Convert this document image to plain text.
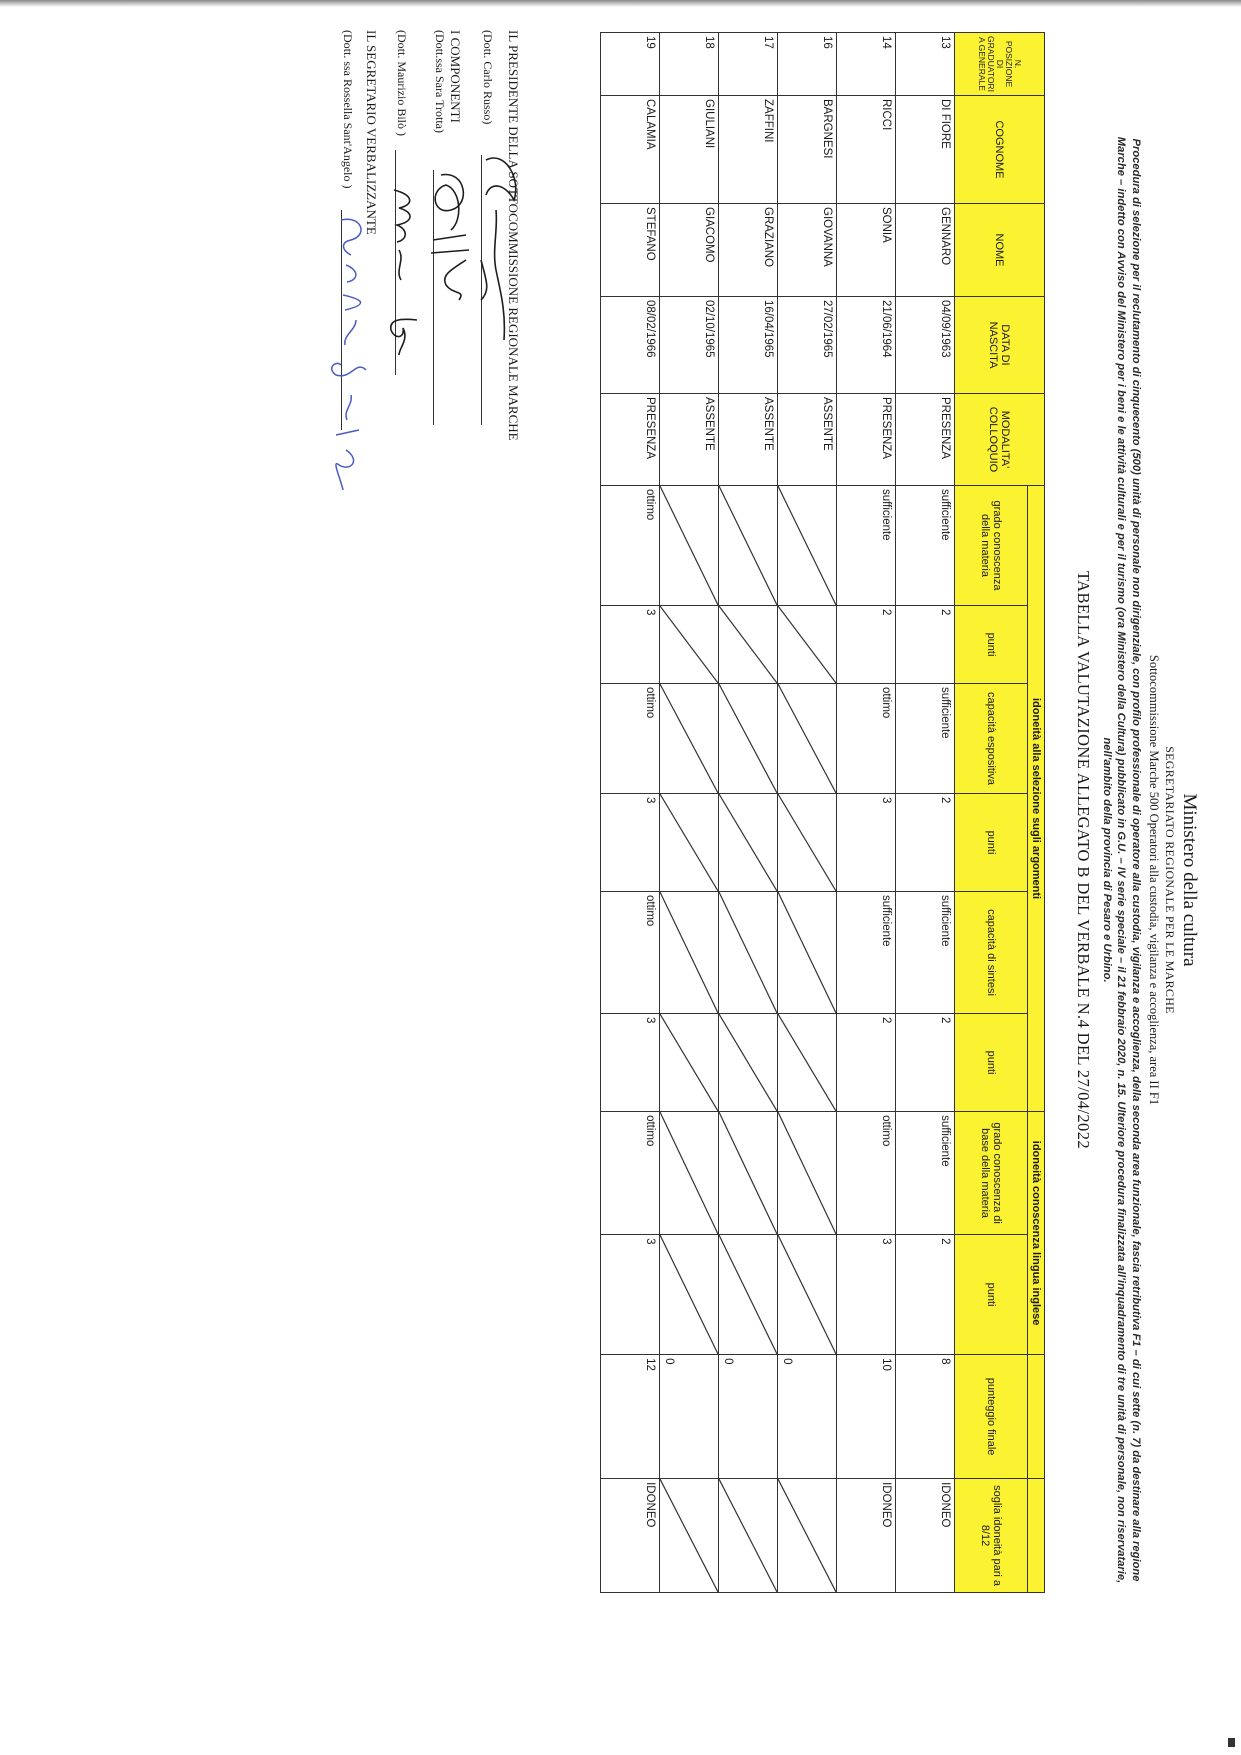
Ministero della cultura
SEGRETARIATO REGIONALE PER LE MARCHE
Sottocommissione Marche 500 Operatori alla custodia, vigilanza e accoglienza, area II F1
Procedura di selezione per il reclutamento di cinquecento (500) unità di personale non dirigenziale, con profilo professionale di operatore alla custodia, vigilanza e accoglienza, della seconda area funzionale, fascia retributiva F1 – di cui sette (n. 7) da destinare alla regione
Marche – indetto con Avviso del Ministero per i beni e le attività culturali e per il turismo (ora Ministero della Cultura) pubblicato in G.U. – IV serie speciale – il 21 febbraio 2020, n. 15. Ulteriore procedura finalizzata all'inquadramento di tre unità di personale, non riservatarie,
nell'ambito della provincia di Pesaro e Urbino.
TABELLA VALUTAZIONE ALLEGATO B DEL VERBALE N.4 DEL 27/04/2022
N. POSIZIONE DI GRADUATORI A GENERALE	COGNOME	NOME	DATA DI NASCITA	MODALITA' COLLOQUIO	idoneità alla selezione sugli argomenti						idoneità conoscenza lingua inglese			
					grado conoscenza della materia	punti	capacità espositiva	punti	capacità di sintesi	punti	grado conoscenza di base della materia	punti	punteggio finale	soglia idoneità pari a 8/12
13	DI FIORE	GENNARO	04/09/1963	PRESENZA	sufficiente	2	sufficiente	2	sufficiente	2	sufficiente	2	8	IDONEO
14	RICCI	SONIA	21/06/1964	PRESENZA	sufficiente	2	ottimo	3	sufficiente	2	ottimo	3	10	IDONEO
16	BARGNESI	GIOVANNA	27/02/1965	ASSENTE									0	

17	ZAFFINI	GRAZIANO	16/04/1965	ASSENTE									0	

18	GIULIANI	GIACOMO	02/10/1965	ASSENTE									0	

19	CALAMIA	STEFANO	08/02/1966	PRESENZA	ottimo	3	ottimo	3	ottimo	3	ottimo	3	12	IDONEO
IL PRESIDENTE DELLA SOTTOCOMMISSIONE REGIONALE MARCHE
(Dott. Carlo Russo)
I COMPONENTI
(Dott.ssa Sara Trotta)
(Dott. Maurizio Bilò )
IL SEGRETARIO VERBALIZZANTE
(Dott. ssa Rossella Sant'Angelo )
